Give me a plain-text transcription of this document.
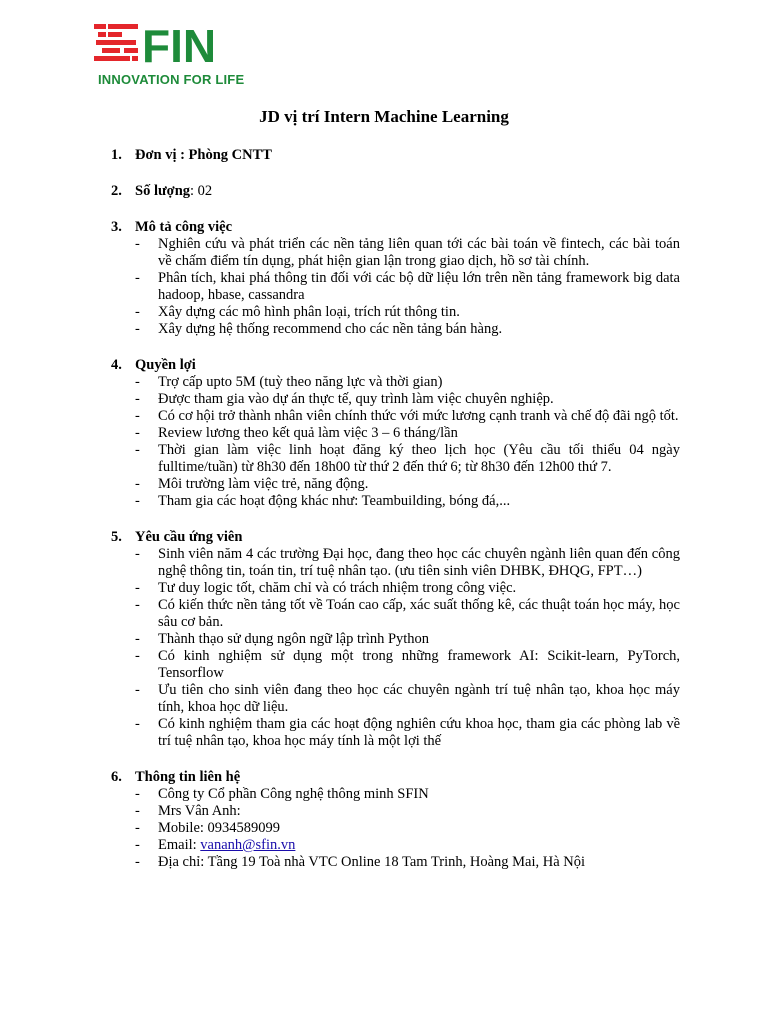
FIN
INNOVATION FOR LIFE
JD vị trí Intern Machine Learning
1. Đơn vị : Phòng CNTT
2. Số lượng: 02
3. Mô tả công việc
- Nghiên cứu và phát triển các nền tảng liên quan tới các bài toán về fintech, các bài toán về chấm điểm tín dụng, phát hiện gian lận trong giao dịch, hồ sơ tài chính.
- Phân tích, khai phá thông tin đối với các bộ dữ liệu lớn trên nền tảng framework big data hadoop, hbase, cassandra
- Xây dựng các mô hình phân loại, trích rút thông tin.
- Xây dựng hệ thống recommend cho các nền tảng bán hàng.
4. Quyền lợi
- Trợ cấp upto 5M (tuỳ theo năng lực và thời gian)
- Được tham gia vào dự án thực tế, quy trình làm việc chuyên nghiệp.
- Có cơ hội trở thành nhân viên chính thức với mức lương cạnh tranh và chế độ đãi ngộ tốt.
- Review lương theo kết quả làm việc 3 – 6 tháng/lần
- Thời gian làm việc linh hoạt đăng ký theo lịch học (Yêu cầu tối thiểu 04 ngày fulltime/tuần) từ 8h30 đến 18h00 từ thứ 2 đến thứ 6; từ 8h30 đến 12h00 thứ 7.
- Môi trường làm việc trẻ, năng động.
- Tham gia các hoạt động khác như: Teambuilding, bóng đá,...
5. Yêu cầu ứng viên
- Sinh viên năm 4 các trường Đại học, đang theo học các chuyên ngành liên quan đến công nghệ thông tin, toán tin, trí tuệ nhân tạo. (ưu tiên sinh viên DHBK, ĐHQG, FPT…)
- Tư duy logic tốt, chăm chỉ và có trách nhiệm trong công việc.
- Có kiến thức nền tảng tốt về Toán cao cấp, xác suất thống kê, các thuật toán học máy, học sâu cơ bản.
- Thành thạo sử dụng ngôn ngữ lập trình Python
- Có kinh nghiệm sử dụng một trong những framework AI: Scikit-learn, PyTorch, Tensorflow
- Ưu tiên cho sinh viên đang theo học các chuyên ngành trí tuệ nhân tạo, khoa học máy tính, khoa học dữ liệu.
- Có kinh nghiệm tham gia các hoạt động nghiên cứu khoa học, tham gia các phòng lab về trí tuệ nhân tạo, khoa học máy tính là một lợi thế
6. Thông tin liên hệ
- Công ty Cổ phần Công nghệ thông minh SFIN
- Mrs Vân Anh:
- Mobile: 0934589099
- Email: vananh@sfin.vn
- Địa chỉ: Tầng 19 Toà nhà VTC Online 18 Tam Trinh, Hoàng Mai, Hà Nội
